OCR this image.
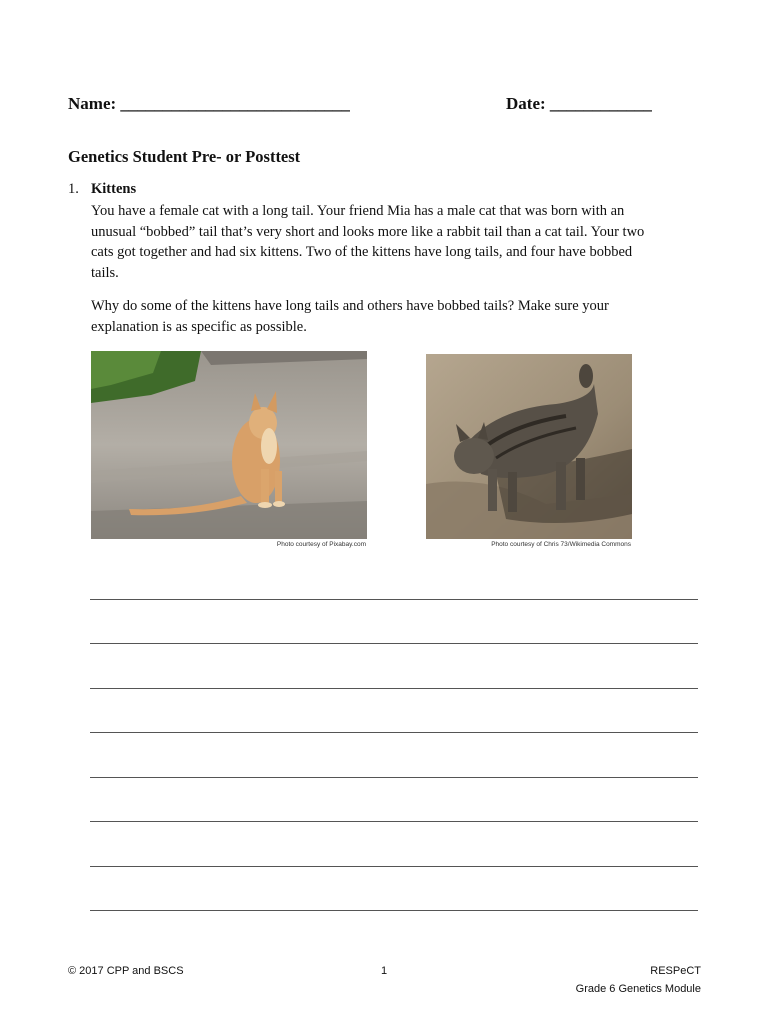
Name: ___________________________	Date: ____________
Genetics Student Pre- or Posttest
1. Kittens

You have a female cat with a long tail. Your friend Mia has a male cat that was born with an unusual “bobbed” tail that’s very short and looks more like a rabbit tail than a cat tail. Your two cats got together and had six kittens. Two of the kittens have long tails, and four have bobbed tails.

Why do some of the kittens have long tails and others have bobbed tails? Make sure your explanation is as specific as possible.

Photo courtesy of Pixabay.com	Photo courtesy of Chris 73/Wikimedia Commons
© 2017 CPP and BSCS	1	RESPeCT
Grade 6 Genetics Module
